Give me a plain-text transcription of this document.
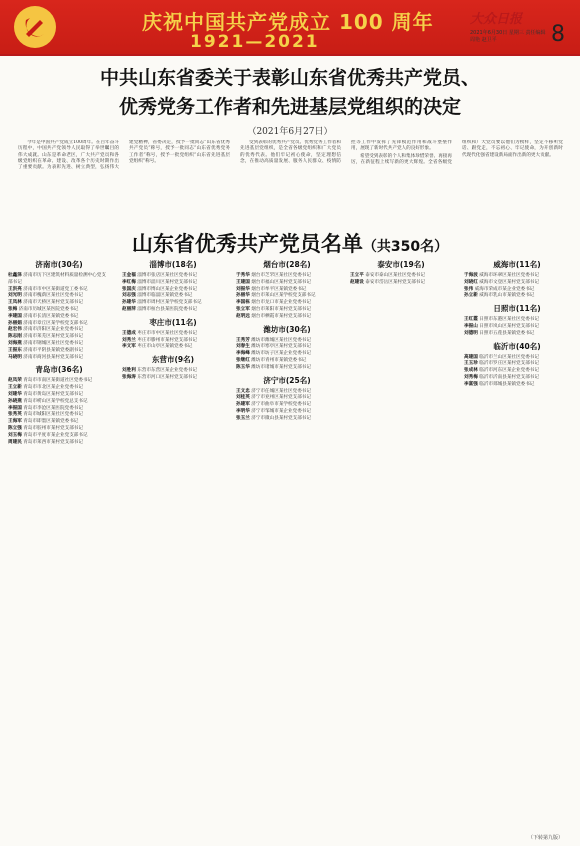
庆祝中国共产党成立 100 周年
1921—2021
大众日报
2021年6月30日 星期三 责任编辑 周艳 赵卫平	8
中共山东省委关于表彰山东省优秀共产党员、
优秀党务工作者和先进基层党组织的决定
（2021年6月27日）

今年是中国共产党成立100周年。在百年奋斗历程中，中国共产党领导人民取得了举世瞩目的伟大成就。山东是革命老区，广大共产党员和各级党组织在革命、建设、改革各个历史时期作出了重要贡献。为表彰先进、树立典型，弘扬伟大建党精神，省委决定，授予一批同志“山东省优秀共产党员”称号，授予一批同志“山东省优秀党务工作者”称号，授予一批党组织“山东省先进基层党组织”称号。

受到表彰的优秀共产党员、优秀党务工作者和先进基层党组织，是全省各级党组织和广大党员的优秀代表。他们牢记初心使命，坚定理想信念，在推动高质量发展、服务人民群众、疫情防控等工作中发挥了先锋模范作用和战斗堡垒作用，展现了新时代共产党人的良好形象。

希望受到表彰的个人和集体珍惜荣誉、再接再厉，在新征程上续写新的更大辉煌。全省各级党组织和广大党员要以他们为榜样，坚定不移听党话、跟党走，不忘初心、牢记使命，为开创新时代现代化强省建设新局面作出新的更大贡献。

山东省优秀共产党员名单（共350名）
济南市(30名)

杜鑫泽 济南市历下区建筑材料质量检测中心党支部书记

王洪亮 济南市市中区某街道党工委书记

刘光明 济南市槐荫区某社区党委书记

王凤林 济南市天桥区某村党支部书记

张梅 济南市历城区某医院党委书记

李建国 济南市长清区某镇党委书记

孙丽娟 济南市章丘区某学校党支部书记

赵宏伟 济南市济阳区某企业党委书记

陈志刚 济南市莱芜区某村党支部书记

刘海燕 济南市钢城区某社区党委书记

王振东 济南市平阴县某镇党委副书记

马晓明 济南市商河县某村党支部书记

青岛市(36名)

赵凤荣 青岛市市南区某街道社区党委书记

王立新 青岛市市北区某企业党委书记

刘建华 青岛市黄岛区某村党支部书记

孙晓燕 青岛市崂山区某学校党总支书记

李振国 青岛市李沧区某医院党委书记

张秀英 青岛市城阳区某社区党委书记

王海军 青岛市即墨区某镇党委书记

陈立强 青岛市胶州市某村党支部书记

刘玉梅 青岛市平度市某企业党支部书记

周建民 青岛市莱西市某村党支部书记

淄博市(18名)

王金福 淄博市张店区某社区党委书记

李红梅 淄博市淄川区某村党支部书记

张国庆 淄博市博山区某企业党委书记

刘志强 淄博市临淄区某镇党委书记

孙建华 淄博市周村区某学校党支部书记

赵丽萍 淄博市桓台县某医院党委书记

枣庄市(11名)

王德成 枣庄市市中区某社区党委书记

刘秀兰 枣庄市滕州市某村党支部书记

李文军 枣庄市山亭区某镇党委书记

东营市(9名)

刘胜利 东营市东营区某企业党委书记

张海涛 东营市河口区某村党支部书记

烟台市(28名)

于秀华 烟台市芝罘区某社区党委书记

王建国 烟台市福山区某村党支部书记

刘振华 烟台市牟平区某镇党委书记

孙丽华 烟台市莱山区某学校党支部书记

李国栋 烟台市龙口市某企业党委书记

张立军 烟台市莱阳市某村党支部书记

赵明远 烟台市栖霞市某村党支部书记

潍坊市(30名)

王秀芳 潍坊市潍城区某社区党委书记

刘春生 潍坊市寒亭区某村党支部书记

李海峰 潍坊市坊子区某企业党委书记

张继红 潍坊市青州市某镇党委书记

陈玉华 潍坊市诸城市某村党支部书记

济宁市(25名)

王文忠 济宁市任城区某社区党委书记

刘桂英 济宁市兖州区某村党支部书记

孙建军 济宁市曲阜市某学校党委书记

李明华 济宁市邹城市某企业党委书记

张玉兰 济宁市微山县某村党支部书记

泰安市(19名)

王立平 泰安市泰山区某社区党委书记

赵建设 泰安市岱岳区某村党支部书记

威海市(11名)

于海波 威海市环翠区某社区党委书记

刘晓红 威海市文登区某村党支部书记

张伟 威海市荣成市某企业党委书记

孙立新 威海市乳山市某镇党委书记

日照市(11名)

王红霞 日照市东港区某社区党委书记

李振山 日照市岚山区某村党支部书记

刘德明 日照市五莲县某镇党委书记

临沂市(40名)

高建国 临沂市兰山区某社区党委书记

王玉珍 临沂市罗庄区某村党支部书记

张成林 临沂市河东区某企业党委书记

刘秀梅 临沂市沂南县某村党支部书记

李富强 临沂市郯城县某镇党委书记

（下转第九版）
